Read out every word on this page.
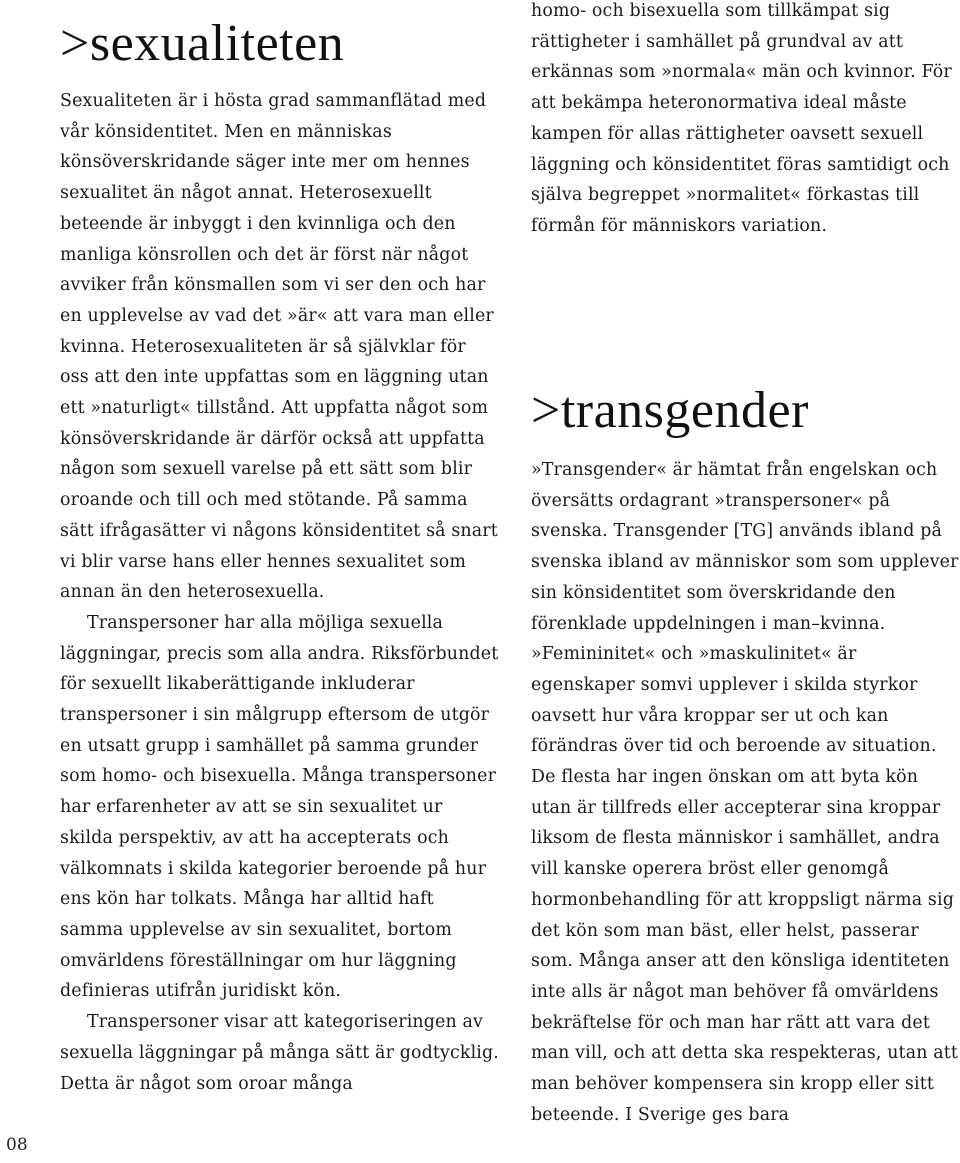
>sexualiteten

Sexualiteten är i hösta grad sammanflätad med vår könsidentitet. Men en människas könsöverskridande säger inte mer om hennes sexualitet än något annat. Heterosexuellt beteende är inbyggt i den kvinnliga och den manliga könsrollen och det är först när något avviker från könsmallen som vi ser den och har en upplevelse av vad det »är« att vara man eller kvinna. Heterosexualiteten är så självklar för oss att den inte uppfattas som en läggning utan ett »naturligt« tillstånd. Att uppfatta något som könsöverskridande är därför också att uppfatta någon som sexuell varelse på ett sätt som blir oroande och till och med stötande. På samma sätt ifrågasätter vi någons könsidentitet så snart vi blir varse hans eller hennes sexualitet som annan än den heterosexuella.

Transpersoner har alla möjliga sexuella läggningar, precis som alla andra. Riksförbundet för sexuellt likaberättigande inkluderar transpersoner i sin målgrupp eftersom de utgör en utsatt grupp i samhället på samma grunder som homo- och bisexuella. Många transpersoner har erfarenheter av att se sin sexualitet ur skilda perspektiv, av att ha accepterats och välkomnats i skilda kategorier beroende på hur ens kön har tolkats. Många har alltid haft samma upplevelse av sin sexualitet, bortom omvärldens föreställningar om hur läggning definieras utifrån juridiskt kön.

Transpersoner visar att kategoriseringen av sexuella läggningar på många sätt är godtycklig. Detta är något som oroar många

homo- och bisexuella som tillkämpat sig rättigheter i samhället på grundval av att erkännas som »normala« män och kvinnor. För att bekämpa heteronormativa ideal måste kampen för allas rättigheter oavsett sexuell läggning och könsidentitet föras samtidigt och själva begreppet »normalitet« förkastas till förmån för människors variation.

>transgender

»Transgender« är hämtat från engelskan och översätts ordagrant »transpersoner« på svenska. Transgender [TG] används ibland på svenska ibland av människor som som upplever sin könsidentitet som överskridande den förenklade uppdelningen i man–kvinna. »Femininitet« och »maskulinitet« är egenskaper somvi upplever i skilda styrkor oavsett hur våra kroppar ser ut och kan förändras över tid och beroende av situation. De flesta har ingen önskan om att byta kön utan är tillfreds eller accepterar sina kroppar liksom de flesta människor i samhället, andra vill kanske operera bröst eller genomgå hormonbehandling för att kroppsligt närma sig det kön som man bäst, eller helst, passerar som. Många anser att den könsliga identiteten inte alls är något man behöver få omvärldens bekräftelse för och man har rätt att vara det man vill, och att detta ska respekteras, utan att man behöver kompensera sin kropp eller sitt beteende. I Sverige ges bara

08
